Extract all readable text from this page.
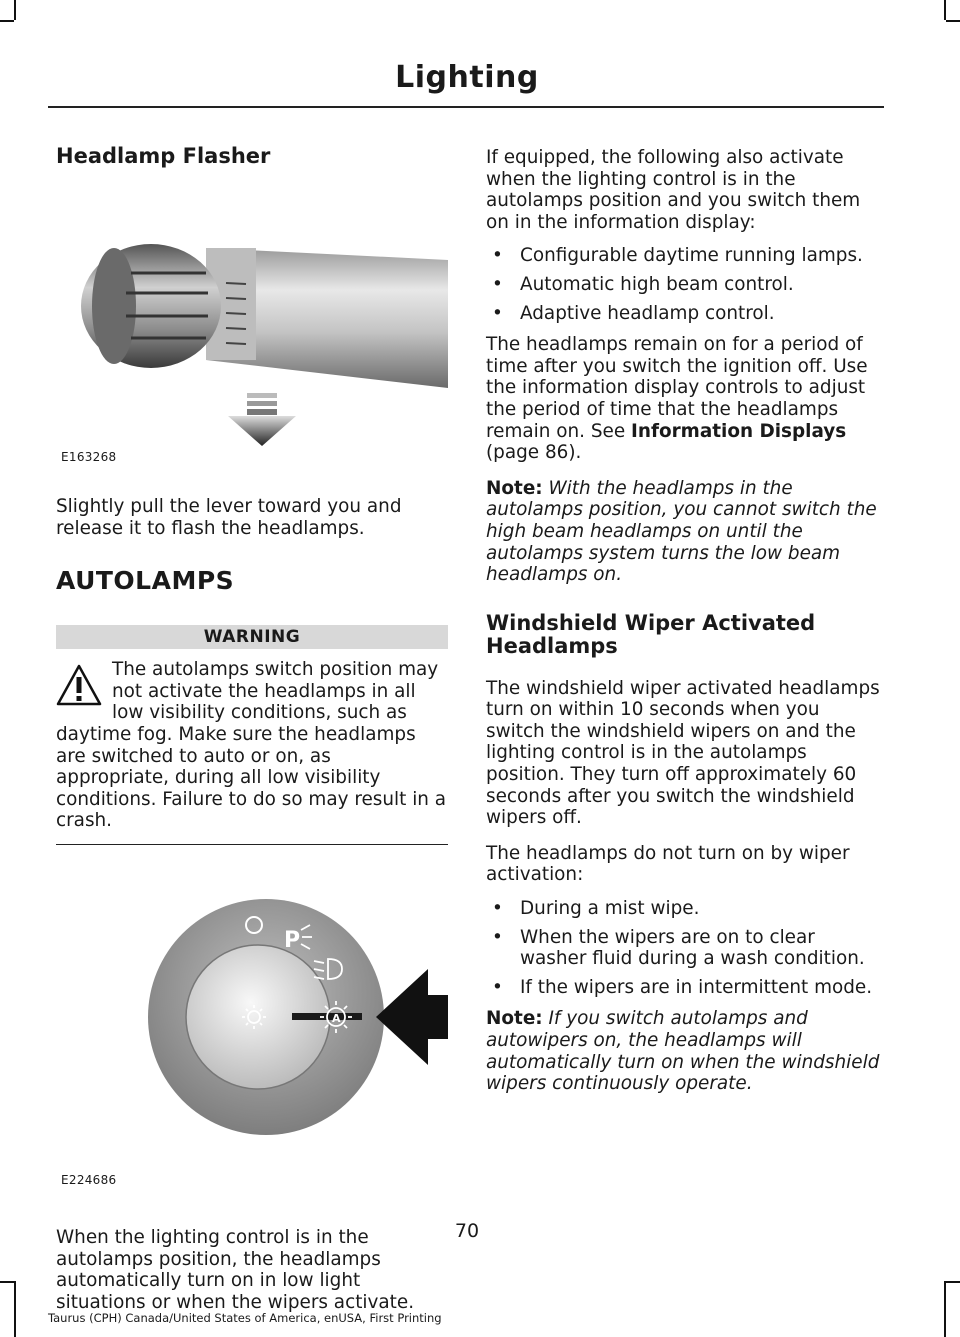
Lighting
Headlamp Flasher
E163268

Slightly pull the lever toward you and release it to flash the headlamps.

AUTOLAMPS
WARNING
The autolamps switch position may not activate the headlamps in all low visibility conditions, such as daytime fog. Make sure the headlamps are switched to auto or on, as appropriate, during all low visibility conditions. Failure to do so may result in a crash.
P
A
E224686

When the lighting control is in the autolamps position, the headlamps automatically turn on in low light situations or when the wipers activate.

If equipped, the following also activate when the lighting control is in the autolamps position and you switch them on in the information display:

• Configurable daytime running lamps.
• Automatic high beam control.
• Adaptive headlamp control.

The headlamps remain on for a period of time after you switch the ignition off. Use the information display controls to adjust the period of time that the headlamps remain on. See Information Displays (page 86).

Note: With the headlamps in the autolamps position, you cannot switch the high beam headlamps on until the autolamps system turns the low beam headlamps on.

Windshield Wiper Activated Headlamps

The windshield wiper activated headlamps turn on within 10 seconds when you switch the windshield wipers on and the lighting control is in the autolamps position. They turn off approximately 60 seconds after you switch the windshield wipers off.

The headlamps do not turn on by wiper activation:

• During a mist wipe.
• When the wipers are on to clear washer fluid during a wash condition.
• If the wipers are in intermittent mode.

Note: If you switch autolamps and autowipers on, the headlamps will automatically turn on when the windshield wipers continuously operate.

70
Taurus (CPH) Canada/United States of America, enUSA, First Printing
